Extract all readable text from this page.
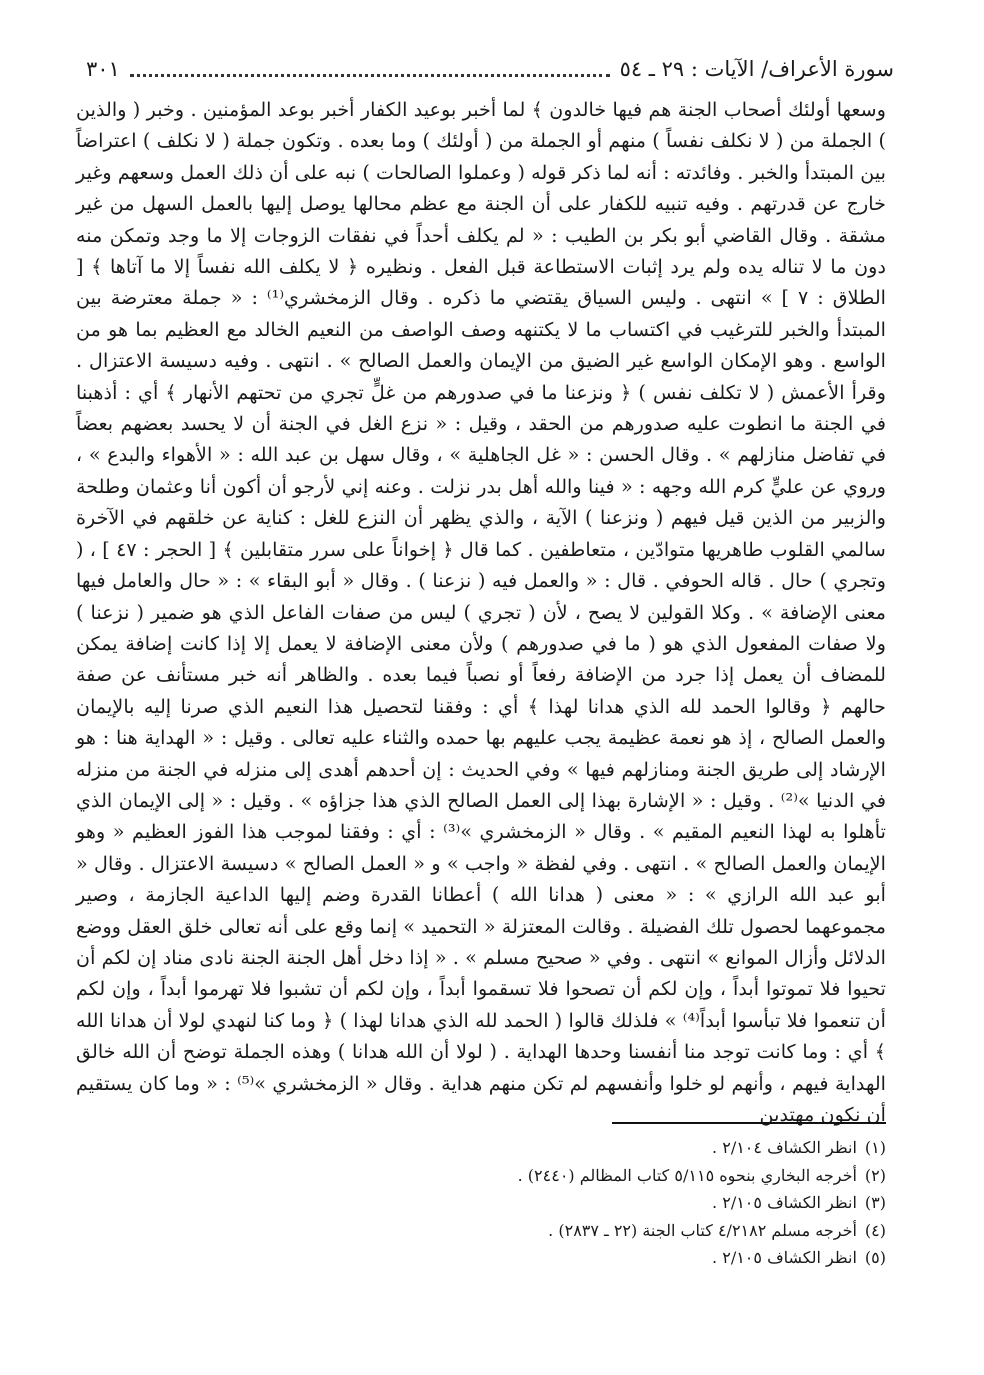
سورة الأعراف/ الآيات : ٢٩ ـ ٥٤
٣٠١

وسعها أولئك أصحاب الجنة هم فيها خالدون ﴾ لما أخبر بوعيد الكفار أخبر بوعد المؤمنين . وخبر ( والذين ) الجملة من ( لا نكلف نفساً ) منهم أو الجملة من ( أولئك ) وما بعده . وتكون جملة ( لا نكلف ) اعتراضاً بين المبتدأ والخبر . وفائدته : أنه لما ذكر قوله ( وعملوا الصالحات ) نبه على أن ذلك العمل وسعهم وغير خارج عن قدرتهم . وفيه تنبيه للكفار على أن الجنة مع عظم محالها يوصل إليها بالعمل السهل من غير مشقة . وقال القاضي أبو بكر بن الطيب : « لم يكلف أحداً في نفقات الزوجات إلا ما وجد وتمكن منه دون ما لا تناله يده ولم يرد إثبات الاستطاعة قبل الفعل . ونظيره ﴿ لا يكلف الله نفساً إلا ما آتاها ﴾ [ الطلاق : ٧ ] » انتهى . وليس السياق يقتضي ما ذكره . وقال الزمخشري⁽¹⁾ : « جملة معترضة بين المبتدأ والخبر للترغيب في اكتساب ما لا يكتنهه وصف الواصف من النعيم الخالد مع العظيم بما هو من الواسع . وهو الإمكان الواسع غير الضيق من الإيمان والعمل الصالح » . انتهى . وفيه دسيسة الاعتزال . وقرأ الأعمش ( لا تكلف نفس ) ﴿ ونزعنا ما في صدورهم من غلٍّ تجري من تحتهم الأنهار ﴾ أي : أذهبنا في الجنة ما انطوت عليه صدورهم من الحقد ، وقيل : « نزع الغل في الجنة أن لا يحسد بعضهم بعضاً في تفاضل منازلهم » . وقال الحسن : « غل الجاهلية » ، وقال سهل بن عبد الله : « الأهواء والبدع » ، وروي عن عليٍّ كرم الله وجهه : « فينا والله أهل بدر نزلت . وعنه إني لأرجو أن أكون أنا وعثمان وطلحة والزبير من الذين قيل فيهم ( ونزعنا ) الآية ، والذي يظهر أن النزع للغل : كناية عن خلقهم في الآخرة سالمي القلوب طاهريها متوادّين ، متعاطفين . كما قال ﴿ إخواناً على سرر متقابلين ﴾ [ الحجر : ٤٧ ] ، ( وتجري ) حال . قاله الحوفي . قال : « والعمل فيه ( نزعنا ) . وقال « أبو البقاء » : « حال والعامل فيها معنى الإضافة » . وكلا القولين لا يصح ، لأن ( تجري ) ليس من صفات الفاعل الذي هو ضمير ( نزعنا ) ولا صفات المفعول الذي هو ( ما في صدورهم ) ولأن معنى الإضافة لا يعمل إلا إذا كانت إضافة يمكن للمضاف أن يعمل إذا جرد من الإضافة رفعاً أو نصباً فيما بعده . والظاهر أنه خبر مستأنف عن صفة حالهم ﴿ وقالوا الحمد لله الذي هدانا لهذا ﴾ أي : وفقنا لتحصيل هذا النعيم الذي صرنا إليه بالإيمان والعمل الصالح ، إذ هو نعمة عظيمة يجب عليهم بها حمده والثناء عليه تعالى . وقيل : « الهداية هنا : هو الإرشاد إلى طريق الجنة ومنازلهم فيها » وفي الحديث : إن أحدهم أهدى إلى منزله في الجنة من منزله في الدنيا »⁽²⁾ . وقيل : « الإشارة بهذا إلى العمل الصالح الذي هذا جزاؤه » . وقيل : « إلى الإيمان الذي تأهلوا به لهذا النعيم المقيم » . وقال « الزمخشري »⁽³⁾ : أي : وفقنا لموجب هذا الفوز العظيم « وهو الإيمان والعمل الصالح » . انتهى . وفي لفظة « واجب » و « العمل الصالح » دسيسة الاعتزال . وقال « أبو عبد الله الرازي » : « معنى ( هدانا الله ) أعطانا القدرة وضم إليها الداعية الجازمة ، وصير مجموعهما لحصول تلك الفضيلة . وقالت المعتزلة « التحميد » إنما وقع على أنه تعالى خلق العقل ووضع الدلائل وأزال الموانع » انتهى . وفي « صحيح مسلم » . « إذا دخل أهل الجنة الجنة نادى مناد إن لكم أن تحيوا فلا تموتوا أبداً ، وإن لكم أن تصحوا فلا تسقموا أبداً ، وإن لكم أن تشبوا فلا تهرموا أبداً ، وإن لكم أن تنعموا فلا تبأسوا أبداً⁽⁴⁾ » فلذلك قالوا ( الحمد لله الذي هدانا لهذا ) ﴿ وما كنا لنهدي لولا أن هدانا الله ﴾ أي : وما كانت توجد منا أنفسنا وحدها الهداية . ( لولا أن الله هدانا ) وهذه الجملة توضح أن الله خالق الهداية فيهم ، وأنهم لو خلوا وأنفسهم لم تكن منهم هداية . وقال « الزمخشري »⁽⁵⁾ : « وما كان يستقيم أن نكون مهتدين

(١)
انظر الكشاف ٢/١٠٤ .
(٢)
أخرجه البخاري بنحوه ٥/١١٥ كتاب المظالم (٢٤٤٠) .
(٣)
انظر الكشاف ٢/١٠٥ .
(٤)
أخرجه مسلم ٤/٢١٨٢ كتاب الجنة (٢٢ ـ ٢٨٣٧) .
(٥)
انظر الكشاف ٢/١٠٥ .
